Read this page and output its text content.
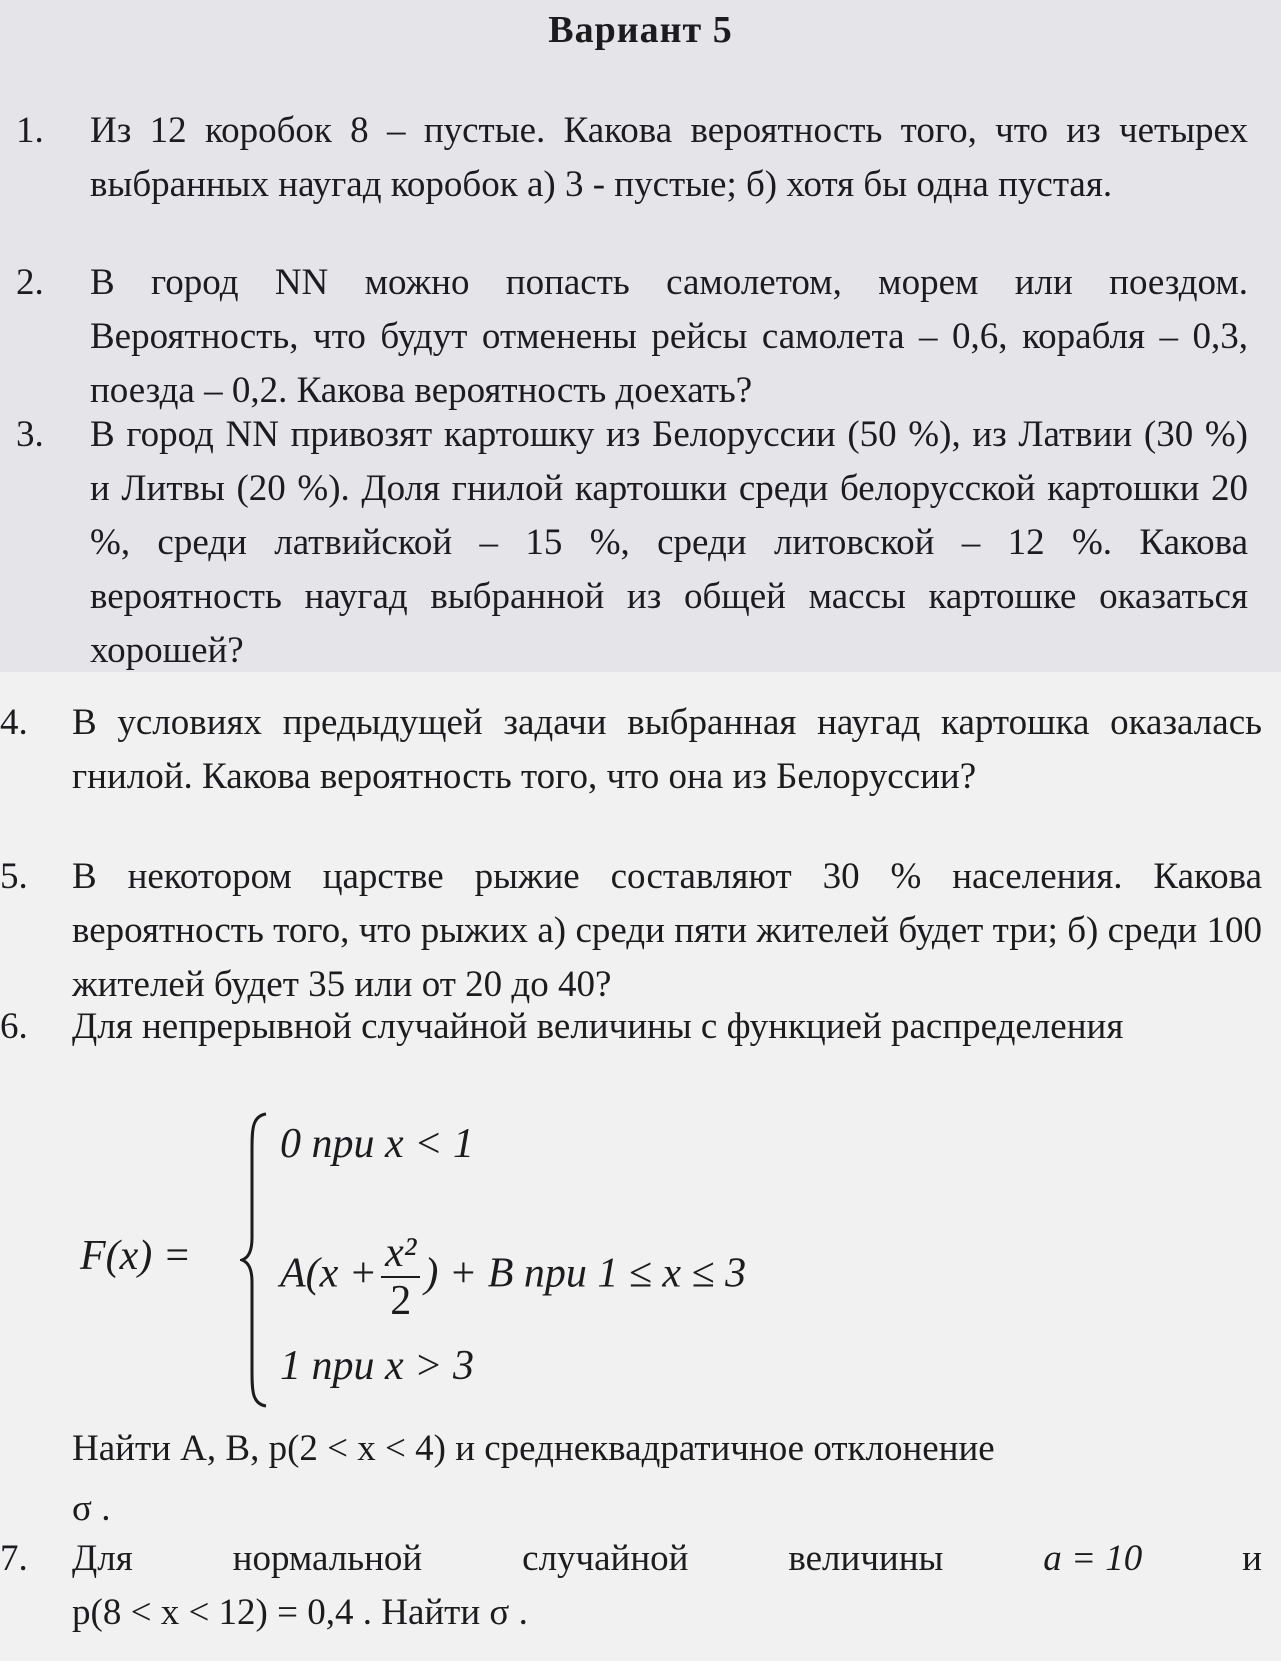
Вариант 5
1. Из 12 коробок 8 – пустые. Какова вероятность того, что из четырех выбранных наугад коробок а) 3 - пустые; б) хотя бы одна пустая.
2. В город NN можно попасть самолетом, морем или поездом. Вероятность, что будут отменены рейсы самолета – 0,6, корабля – 0,3, поезда – 0,2. Какова вероятность доехать?
3. В город NN привозят картошку из Белоруссии (50 %), из Латвии (30 %) и Литвы (20 %). Доля гнилой картошки среди белорусской картошки 20 %, среди латвийской – 15 %, среди литовской – 12 %. Какова вероятность наугад выбранной из общей массы картошке оказаться хорошей?
4. В условиях предыдущей задачи выбранная наугад картошка оказалась гнилой. Какова вероятность того, что она из Белоруссии?
5. В некотором царстве рыжие составляют 30 % населения. Какова вероятность того, что рыжих а) среди пяти жителей будет три; б) среди 100 жителей будет 35 или от 20 до 40?
6. Для непрерывной случайной величины с функцией распределения
F(x) =
0 при x < 1
$A(x + \frac{\text{x²}}{2}$ ) + B при 1 ≤ x ≤ 3
1 при x > 3
Найти A, B, p(2 < x < 4) и среднеквадратичное отклонение
σ .
7. Для	нормальной	случайной	величины	a = 10	и
p(8 < x < 12) = 0,4 . Найти σ .
